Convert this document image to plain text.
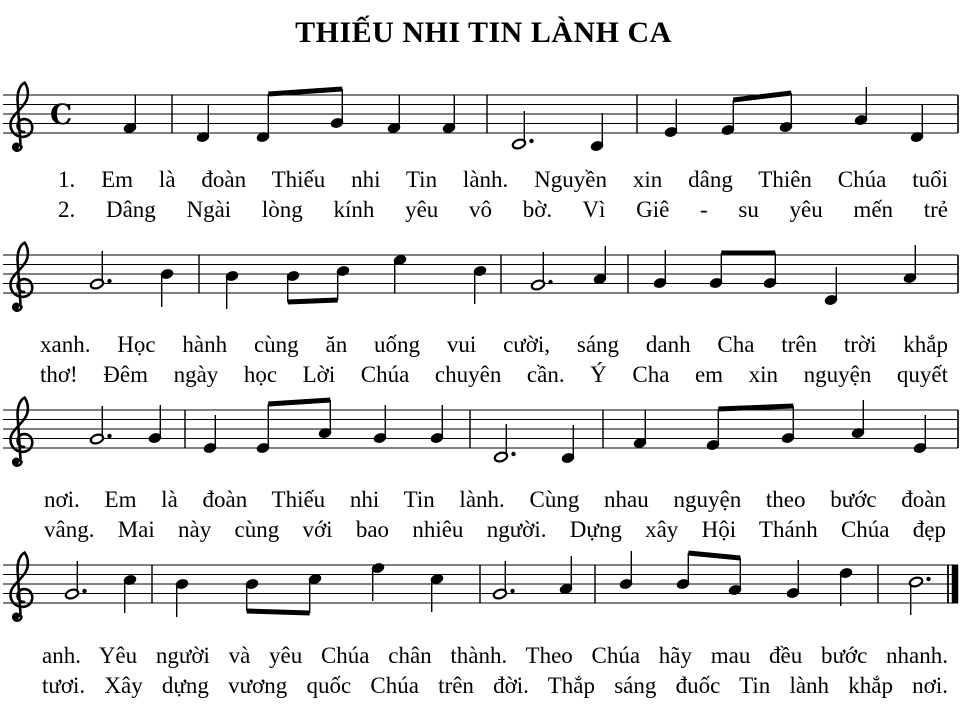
THIẾU NHI TIN LÀNH CA
C
1. Em là đoàn Thiếu nhi Tin lành. Nguyền xin dâng Thiên Chúa tuổi
2. Dâng Ngài lòng kính yêu vô bờ. Vì Giê - su yêu mến trẻ
xanh. Học hành cùng ăn uống vui cười, sáng danh Cha trên trời khắp
thơ! Đêm ngày học Lời Chúa chuyên cần. Ý Cha em xin nguyện quyết
nơi. Em là đoàn Thiếu nhi Tin lành. Cùng nhau nguyện theo bước đoàn
vâng. Mai này cùng với bao nhiêu người. Dựng xây Hội Thánh Chúa đẹp
anh. Yêu người và yêu Chúa chân thành. Theo Chúa hãy mau đều bước nhanh.
tươi. Xây dựng vương quốc Chúa trên đời. Thắp sáng đuốc Tin lành khắp nơi.
